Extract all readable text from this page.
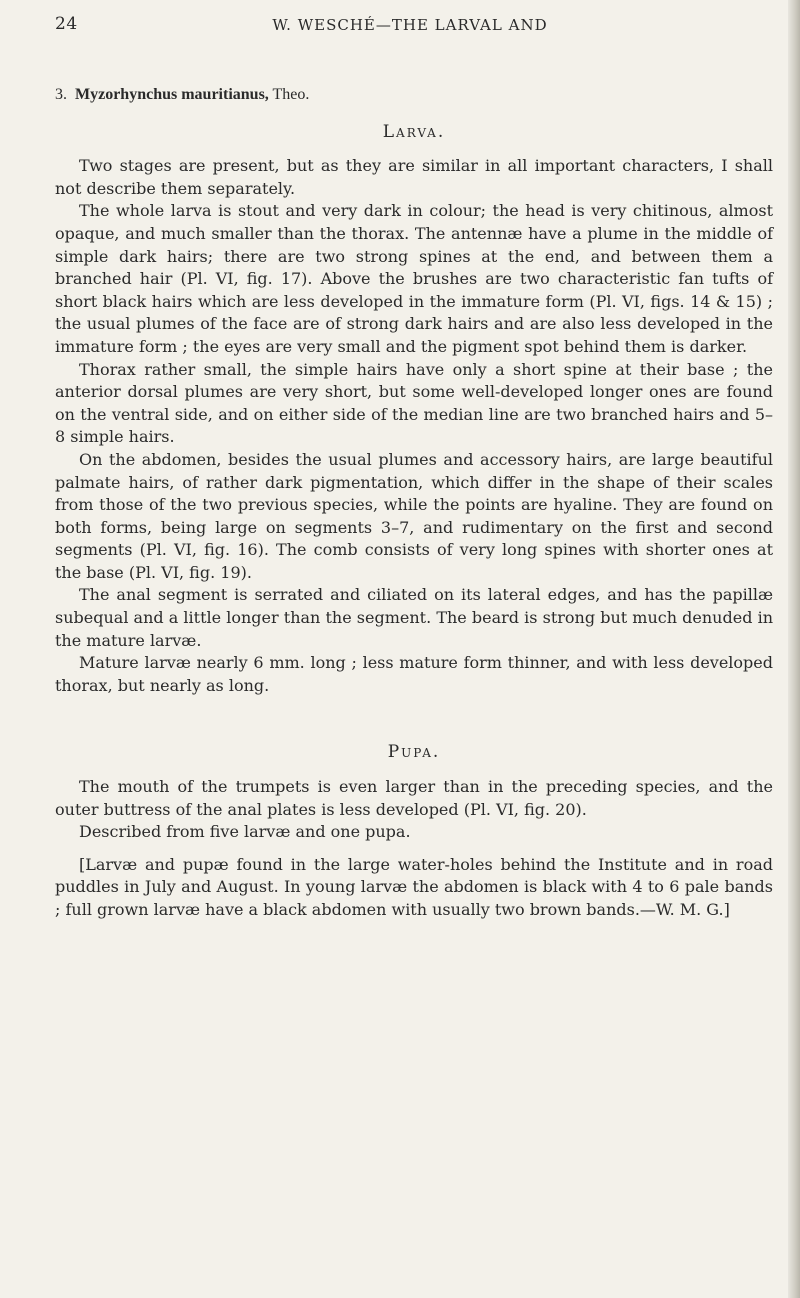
24	W. WESCHÉ—THE LARVAL AND

3. Myzorhynchus mauritianus, Theo.

Larva.

Two stages are present, but as they are similar in all important characters, I shall not describe them separately.

The whole larva is stout and very dark in colour; the head is very chitinous, almost opaque, and much smaller than the thorax. The antennæ have a plume in the middle of simple dark hairs; there are two strong spines at the end, and between them a branched hair (Pl. VI, fig. 17). Above the brushes are two characteristic fan tufts of short black hairs which are less developed in the immature form (Pl. VI, figs. 14 & 15) ; the usual plumes of the face are of strong dark hairs and are also less developed in the immature form ; the eyes are very small and the pigment spot behind them is darker.

Thorax rather small, the simple hairs have only a short spine at their base ; the anterior dorsal plumes are very short, but some well-developed longer ones are found on the ventral side, and on either side of the median line are two branched hairs and 5–8 simple hairs.

On the abdomen, besides the usual plumes and accessory hairs, are large beautiful palmate hairs, of rather dark pigmentation, which differ in the shape of their scales from those of the two previous species, while the points are hyaline. They are found on both forms, being large on segments 3–7, and rudimentary on the first and second segments (Pl. VI, fig. 16). The comb consists of very long spines with shorter ones at the base (Pl. VI, fig. 19).

The anal segment is serrated and ciliated on its lateral edges, and has the papillæ subequal and a little longer than the segment. The beard is strong but much denuded in the mature larvæ.

Mature larvæ nearly 6 mm. long ; less mature form thinner, and with less developed thorax, but nearly as long.

Pupa.

The mouth of the trumpets is even larger than in the preceding species, and the outer buttress of the anal plates is less developed (Pl. VI, fig. 20).

Described from five larvæ and one pupa.

[Larvæ and pupæ found in the large water-holes behind the Institute and in road puddles in July and August. In young larvæ the abdomen is black with 4 to 6 pale bands ; full grown larvæ have a black abdomen with usually two brown bands.—W. M. G.]
